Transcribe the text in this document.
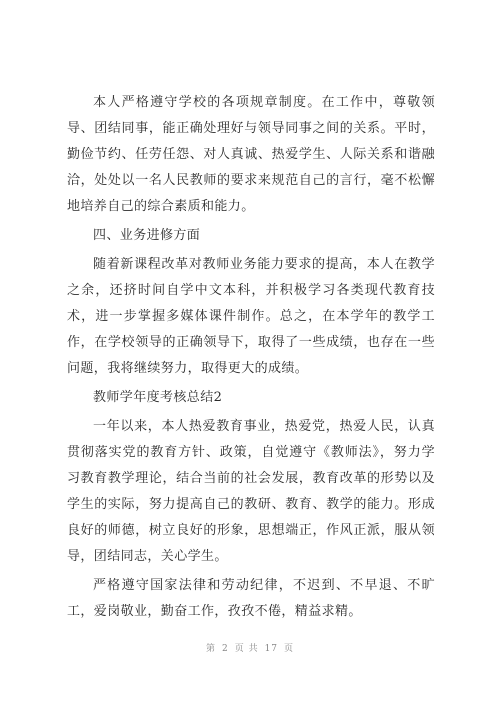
本人严格遵守学校的各项规章制度。在工作中，尊敬领导、团结同事，能正确处理好与领导同事之间的关系。平时，勤俭节约、任劳任怨、对人真诚、热爱学生、人际关系和谐融洽，处处以一名人民教师的要求来规范自己的言行，毫不松懈地培养自己的综合素质和能力。

四、业务进修方面

随着新课程改革对教师业务能力要求的提高，本人在教学之余，还挤时间自学中文本科，并积极学习各类现代教育技术，进一步掌握多媒体课件制作。总之，在本学年的教学工作，在学校领导的正确领导下，取得了一些成绩，也存在一些问题，我将继续努力，取得更大的成绩。

教师学年度考核总结2

一年以来，本人热爱教育事业，热爱党，热爱人民，认真贯彻落实党的教育方针、政策，自觉遵守《教师法》，努力学习教育教学理论，结合当前的社会发展，教育改革的形势以及学生的实际，努力提高自己的教研、教育、教学的能力。形成良好的师德，树立良好的形象，思想端正，作风正派，服从领导，团结同志，关心学生。

严格遵守国家法律和劳动纪律，不迟到、不早退、不旷工，爱岗敬业，勤奋工作，孜孜不倦，精益求精。

第 2 页 共 17 页
